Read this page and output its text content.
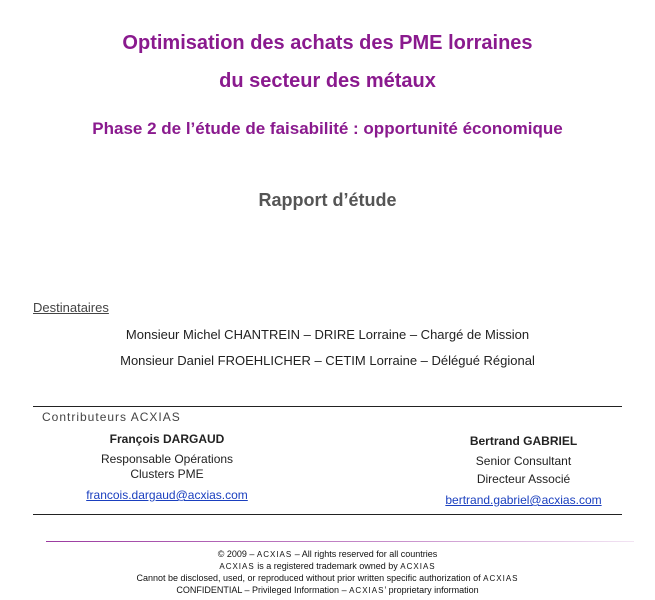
Optimisation des achats des PME lorraines
du secteur des métaux
Phase 2 de l’étude de faisabilité : opportunité économique
Rapport d’étude
Destinataires
Monsieur Michel CHANTREIN – DRIRE Lorraine – Chargé de Mission
Monsieur Daniel FROEHLICHER – CETIM Lorraine – Délégué Régional
Contributeurs ACXIAS
François DARGAUD
Responsable Opérations
Clusters PME
francois.dargaud@acxias.com
Bertrand GABRIEL
Senior Consultant
Directeur Associé
bertrand.gabriel@acxias.com
© 2009 – ACXIAS – All rights reserved for all countries
ACXIAS is a registered trademark owned by ACXIAS
Cannot be disclosed, used, or reproduced without prior written specific authorization of ACXIAS
CONFIDENTIAL – Privileged Information – ACXIAS’ proprietary information
